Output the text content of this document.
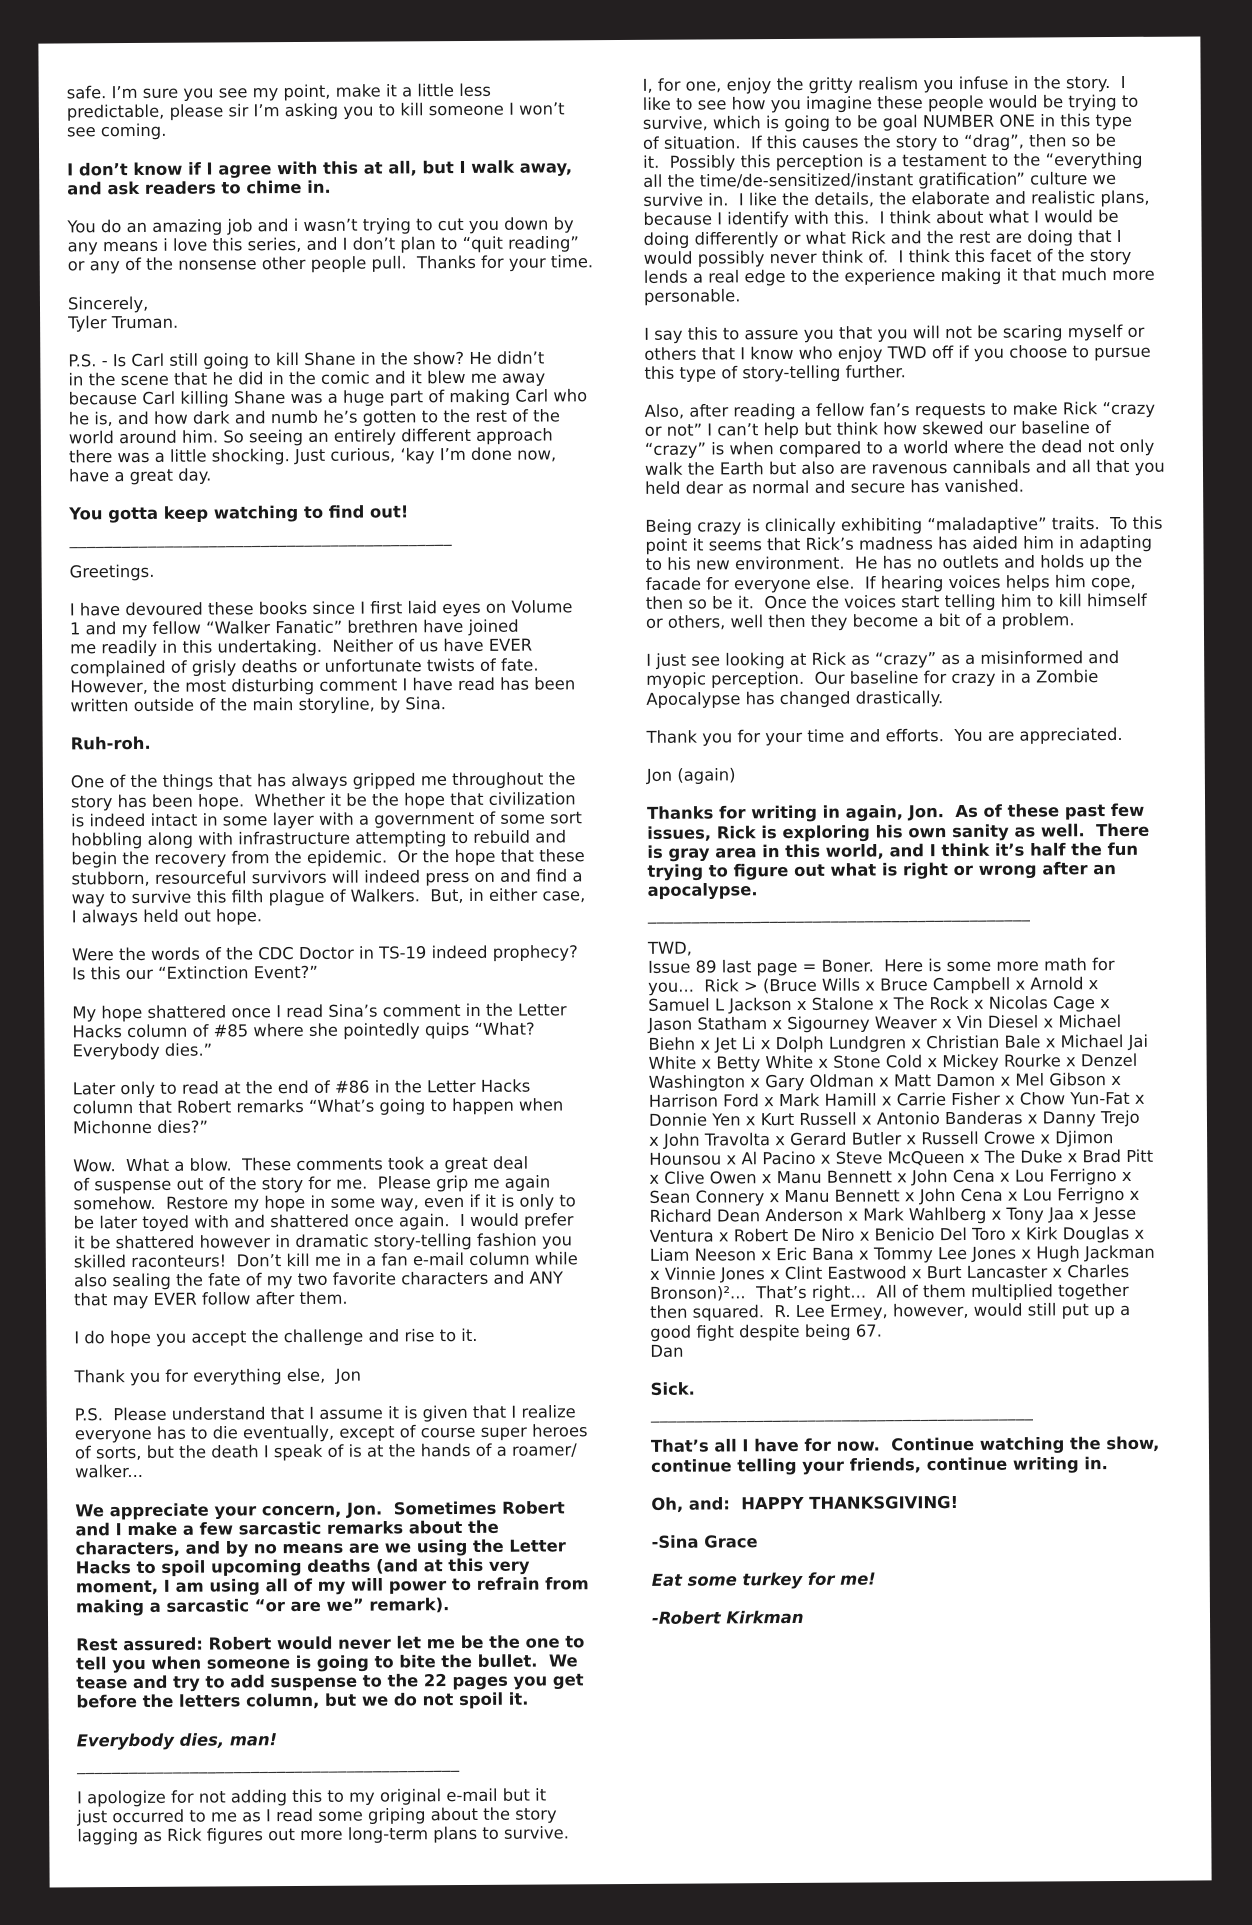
safe. I’m sure you see my point, make it a little less
predictable, please sir I’m asking you to kill someone I won’t
see coming.

I don’t know if I agree with this at all, but I walk away,
and ask readers to chime in.

You do an amazing job and i wasn’t trying to cut you down by
any means i love this series, and I don’t plan to “quit reading”
or any of the nonsense other people pull.  Thanks for your time.

Sincerely,
Tyler Truman.

P.S. - Is Carl still going to kill Shane in the show? He didn’t
in the scene that he did in the comic and it blew me away
because Carl killing Shane was a huge part of making Carl who
he is, and how dark and numb he’s gotten to the rest of the
world around him. So seeing an entirely different approach
there was a little shocking. Just curious, ‘kay I’m done now,
have a great day.

You gotta keep watching to find out!

____________________________________________

Greetings.

I have devoured these books since I first laid eyes on Volume
1 and my fellow “Walker Fanatic” brethren have joined
me readily in this undertaking.  Neither of us have EVER
complained of grisly deaths or unfortunate twists of fate.
However, the most disturbing comment I have read has been
written outside of the main storyline, by Sina.

Ruh-roh.

One of the things that has always gripped me throughout the
story has been hope.  Whether it be the hope that civilization
is indeed intact in some layer with a government of some sort
hobbling along with infrastructure attempting to rebuild and
begin the recovery from the epidemic.  Or the hope that these
stubborn, resourceful survivors will indeed press on and find a
way to survive this filth plague of Walkers.  But, in either case,
I always held out hope.

Were the words of the CDC Doctor in TS-19 indeed prophecy?
Is this our “Extinction Event?”

My hope shattered once I read Sina’s comment in the Letter
Hacks column of #85 where she pointedly quips “What?
Everybody dies.”

Later only to read at the end of #86 in the Letter Hacks
column that Robert remarks “What’s going to happen when
Michonne dies?”

Wow.  What a blow.  These comments took a great deal
of suspense out of the story for me.  Please grip me again
somehow.  Restore my hope in some way, even if it is only to
be later toyed with and shattered once again.  I would prefer
it be shattered however in dramatic story-telling fashion you
skilled raconteurs!  Don’t kill me in a fan e-mail column while
also sealing the fate of my two favorite characters and ANY
that may EVER follow after them.

I do hope you accept the challenge and rise to it.

Thank you for everything else,  Jon

P.S.  Please understand that I assume it is given that I realize
everyone has to die eventually, except of course super heroes
of sorts, but the death I speak of is at the hands of a roamer/
walker...

We appreciate your concern, Jon.  Sometimes Robert
and I make a few sarcastic remarks about the
characters, and by no means are we using the Letter
Hacks to spoil upcoming deaths (and at this very
moment, I am using all of my will power to refrain from
making a sarcastic “or are we” remark).

Rest assured: Robert would never let me be the one to
tell you when someone is going to bite the bullet.  We
tease and try to add suspense to the 22 pages you get
before the letters column, but we do not spoil it.

Everybody dies, man!

____________________________________________

I apologize for not adding this to my original e-mail but it
just occurred to me as I read some griping about the story
lagging as Rick figures out more long-term plans to survive.

I, for one, enjoy the gritty realism you infuse in the story.  I
like to see how you imagine these people would be trying to
survive, which is going to be goal NUMBER ONE in this type
of situation.  If this causes the story to “drag”, then so be
it.  Possibly this perception is a testament to the “everything
all the time/de-sensitized/instant gratification” culture we
survive in.  I like the details, the elaborate and realistic plans,
because I identify with this.  I think about what I would be
doing differently or what Rick and the rest are doing that I
would possibly never think of.  I think this facet of the story
lends a real edge to the experience making it that much more
personable.

I say this to assure you that you will not be scaring myself or
others that I know who enjoy TWD off if you choose to pursue
this type of story-telling further.

Also, after reading a fellow fan’s requests to make Rick “crazy
or not” I can’t help but think how skewed our baseline of
“crazy” is when compared to a world where the dead not only
walk the Earth but also are ravenous cannibals and all that you
held dear as normal and secure has vanished.

Being crazy is clinically exhibiting “maladaptive” traits.  To this
point it seems that Rick’s madness has aided him in adapting
to his new environment.  He has no outlets and holds up the
facade for everyone else.  If hearing voices helps him cope,
then so be it.  Once the voices start telling him to kill himself
or others, well then they become a bit of a problem.

I just see looking at Rick as “crazy” as a misinformed and
myopic perception.  Our baseline for crazy in a Zombie
Apocalypse has changed drastically.

Thank you for your time and efforts.  You are appreciated.

Jon (again)

Thanks for writing in again, Jon.  As of these past few
issues, Rick is exploring his own sanity as well.  There
is gray area in this world, and I think it’s half the fun
trying to figure out what is right or wrong after an
apocalypse.

____________________________________________

TWD,
Issue 89 last page = Boner.  Here is some more math for
you...  Rick > (Bruce Wills x Bruce Campbell x Arnold x
Samuel L Jackson x Stalone x The Rock x Nicolas Cage x
Jason Statham x Sigourney Weaver x Vin Diesel x Michael
Biehn x Jet Li x Dolph Lundgren x Christian Bale x Michael Jai
White x Betty White x Stone Cold x Mickey Rourke x Denzel
Washington x Gary Oldman x Matt Damon x Mel Gibson x
Harrison Ford x Mark Hamill x Carrie Fisher x Chow Yun-Fat x
Donnie Yen x Kurt Russell x Antonio Banderas x Danny Trejo
x John Travolta x Gerard Butler x Russell Crowe x Djimon
Hounsou x Al Pacino x Steve McQueen x The Duke x Brad Pitt
x Clive Owen x Manu Bennett x John Cena x Lou Ferrigno x
Sean Connery x Manu Bennett x John Cena x Lou Ferrigno x
Richard Dean Anderson x Mark Wahlberg x Tony Jaa x Jesse
Ventura x Robert De Niro x Benicio Del Toro x Kirk Douglas x
Liam Neeson x Eric Bana x Tommy Lee Jones x Hugh Jackman
x Vinnie Jones x Clint Eastwood x Burt Lancaster x Charles
Bronson)²...  That’s right...  All of them multiplied together
then squared.  R. Lee Ermey, however, would still put up a
good fight despite being 67.
Dan

Sick.

____________________________________________

That’s all I have for now.  Continue watching the show,
continue telling your friends, continue writing in.

Oh, and:  HAPPY THANKSGIVING!

-Sina Grace

Eat some turkey for me!

-Robert Kirkman
